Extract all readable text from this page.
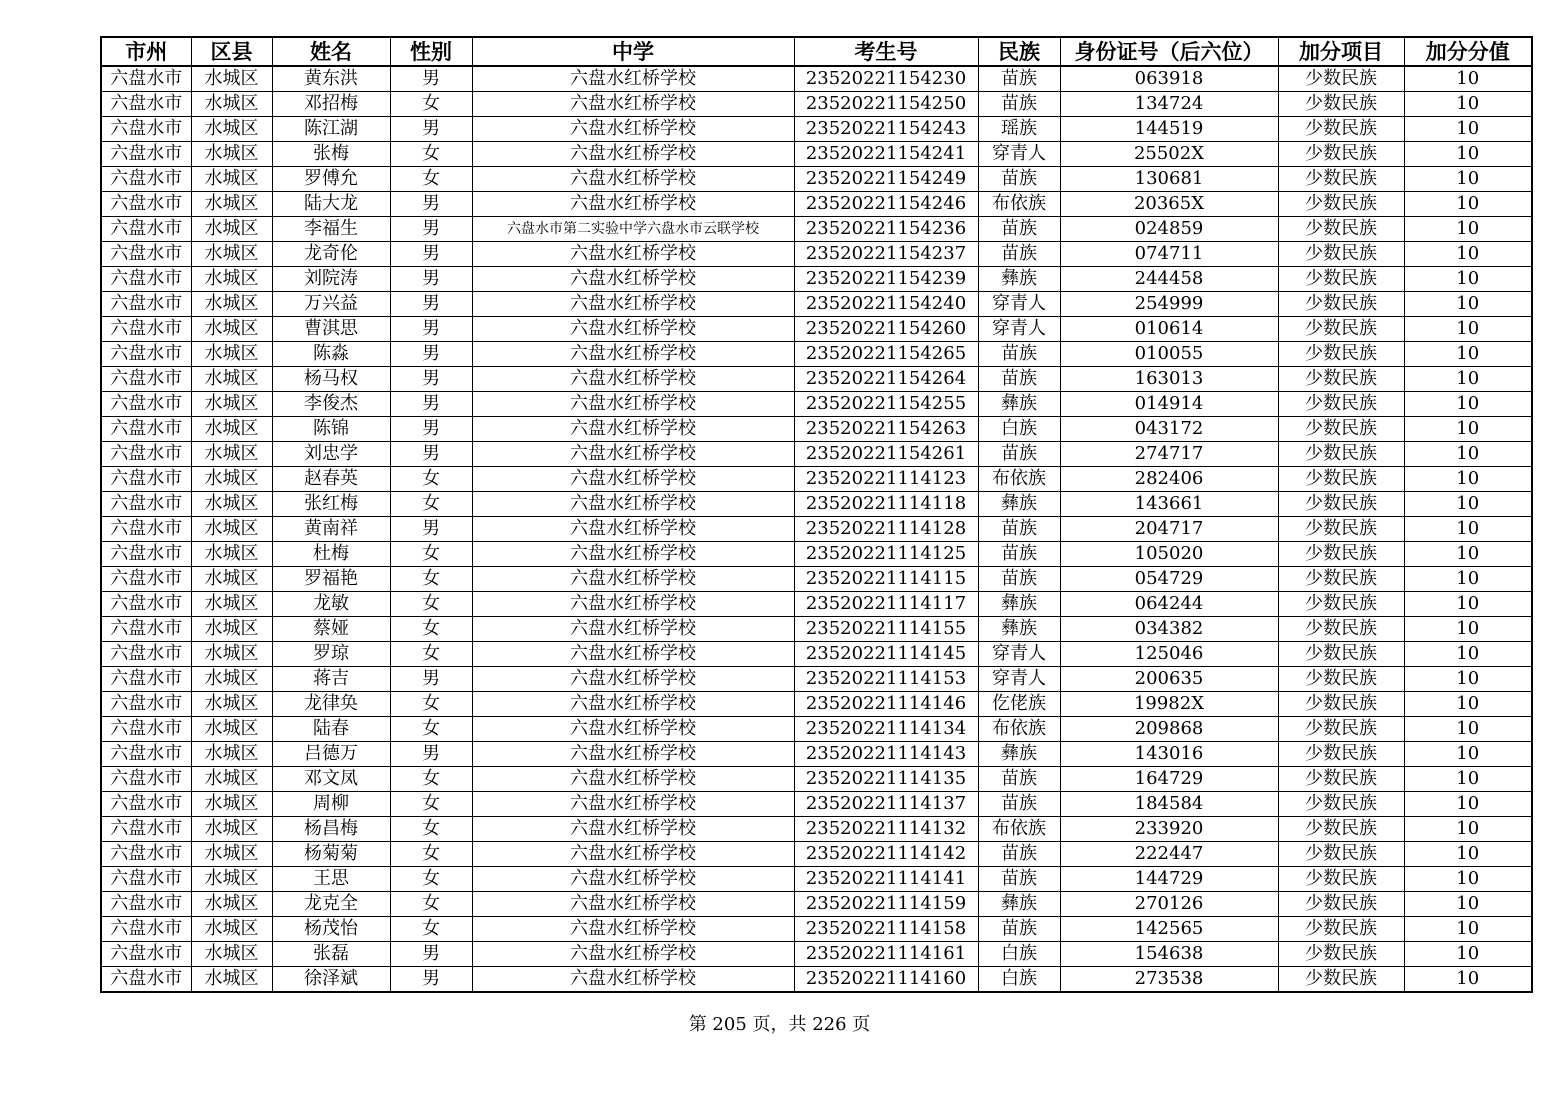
市州	区县	姓名	性别	中学	考生号	民族	身份证号（后六位）	加分项目	加分分值
六盘水市	水城区	黄东洪	男	六盘水红桥学校	23520221154230	苗族	063918	少数民族	10
六盘水市	水城区	邓招梅	女	六盘水红桥学校	23520221154250	苗族	134724	少数民族	10
六盘水市	水城区	陈江湖	男	六盘水红桥学校	23520221154243	瑶族	144519	少数民族	10
六盘水市	水城区	张梅	女	六盘水红桥学校	23520221154241	穿青人	25502X	少数民族	10
六盘水市	水城区	罗傅允	女	六盘水红桥学校	23520221154249	苗族	130681	少数民族	10
六盘水市	水城区	陆大龙	男	六盘水红桥学校	23520221154246	布依族	20365X	少数民族	10
六盘水市	水城区	李福生	男	六盘水市第二实验中学六盘水市云联学校	23520221154236	苗族	024859	少数民族	10
六盘水市	水城区	龙奇伦	男	六盘水红桥学校	23520221154237	苗族	074711	少数民族	10
六盘水市	水城区	刘院涛	男	六盘水红桥学校	23520221154239	彝族	244458	少数民族	10
六盘水市	水城区	万兴益	男	六盘水红桥学校	23520221154240	穿青人	254999	少数民族	10
六盘水市	水城区	曹淇思	男	六盘水红桥学校	23520221154260	穿青人	010614	少数民族	10
六盘水市	水城区	陈淼	男	六盘水红桥学校	23520221154265	苗族	010055	少数民族	10
六盘水市	水城区	杨马权	男	六盘水红桥学校	23520221154264	苗族	163013	少数民族	10
六盘水市	水城区	李俊杰	男	六盘水红桥学校	23520221154255	彝族	014914	少数民族	10
六盘水市	水城区	陈锦	男	六盘水红桥学校	23520221154263	白族	043172	少数民族	10
六盘水市	水城区	刘忠学	男	六盘水红桥学校	23520221154261	苗族	274717	少数民族	10
六盘水市	水城区	赵春英	女	六盘水红桥学校	23520221114123	布依族	282406	少数民族	10
六盘水市	水城区	张红梅	女	六盘水红桥学校	23520221114118	彝族	143661	少数民族	10
六盘水市	水城区	黄南祥	男	六盘水红桥学校	23520221114128	苗族	204717	少数民族	10
六盘水市	水城区	杜梅	女	六盘水红桥学校	23520221114125	苗族	105020	少数民族	10
六盘水市	水城区	罗福艳	女	六盘水红桥学校	23520221114115	苗族	054729	少数民族	10
六盘水市	水城区	龙敏	女	六盘水红桥学校	23520221114117	彝族	064244	少数民族	10
六盘水市	水城区	蔡娅	女	六盘水红桥学校	23520221114155	彝族	034382	少数民族	10
六盘水市	水城区	罗琼	女	六盘水红桥学校	23520221114145	穿青人	125046	少数民族	10
六盘水市	水城区	蒋吉	男	六盘水红桥学校	23520221114153	穿青人	200635	少数民族	10
六盘水市	水城区	龙律奂	女	六盘水红桥学校	23520221114146	仡佬族	19982X	少数民族	10
六盘水市	水城区	陆春	女	六盘水红桥学校	23520221114134	布依族	209868	少数民族	10
六盘水市	水城区	吕德万	男	六盘水红桥学校	23520221114143	彝族	143016	少数民族	10
六盘水市	水城区	邓文凤	女	六盘水红桥学校	23520221114135	苗族	164729	少数民族	10
六盘水市	水城区	周柳	女	六盘水红桥学校	23520221114137	苗族	184584	少数民族	10
六盘水市	水城区	杨昌梅	女	六盘水红桥学校	23520221114132	布依族	233920	少数民族	10
六盘水市	水城区	杨菊菊	女	六盘水红桥学校	23520221114142	苗族	222447	少数民族	10
六盘水市	水城区	王思	女	六盘水红桥学校	23520221114141	苗族	144729	少数民族	10
六盘水市	水城区	龙克全	女	六盘水红桥学校	23520221114159	彝族	270126	少数民族	10
六盘水市	水城区	杨茂怡	女	六盘水红桥学校	23520221114158	苗族	142565	少数民族	10
六盘水市	水城区	张磊	男	六盘水红桥学校	23520221114161	白族	154638	少数民族	10
六盘水市	水城区	徐泽斌	男	六盘水红桥学校	23520221114160	白族	273538	少数民族	10
第 205 页，共 226 页
